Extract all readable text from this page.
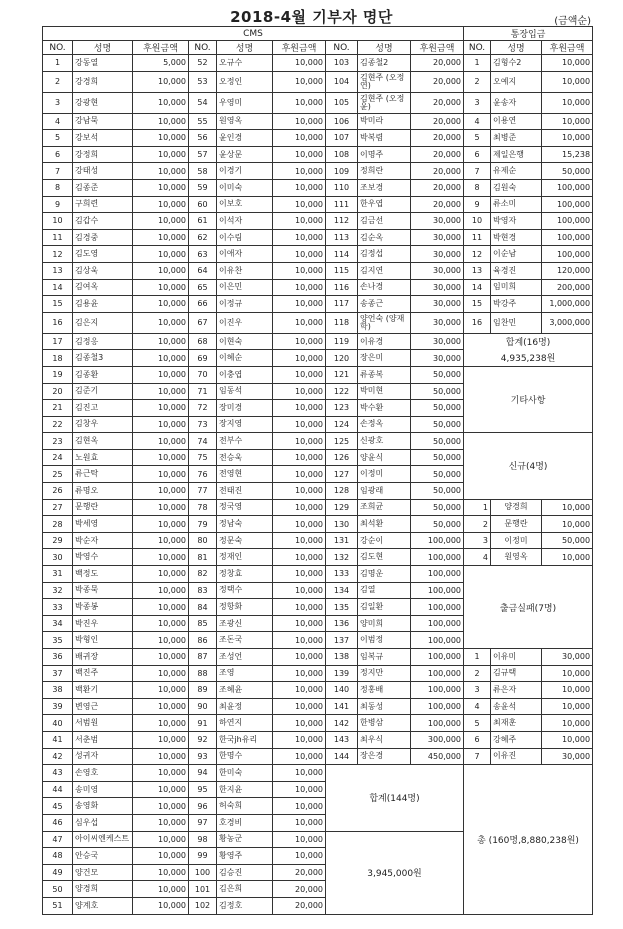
2018-4월 기부자 명단	(금액순)
CMS									통장입금		
NO.	성명	후원금액	NO.	성명	후원금액	NO.	성명	후원금액	NO.	성명	후원금액
1	강동열	5,000	52	오규수	10,000	103	김종철2	20,000	1	김형수2	10,000
2	강경희	10,000	53	오정인	10,000	104	김현주 (오정연)	20,000	2	오예지	10,000
3	강광현	10,000	54	우영미	10,000	105	김현주 (오정윤)	20,000	3	윤송자	10,000
4	강남묵	10,000	55	원영옥	10,000	106	박미라	20,000	4	이용연	10,000
5	강보석	10,000	56	윤인경	10,000	107	박복렴	20,000	5	최병준	10,000
6	강정희	10,000	57	윤상문	10,000	108	이명주	20,000	6	제일은행	15,238
7	강태성	10,000	58	이경기	10,000	109	정희란	20,000	7	유제순	50,000
8	김종준	10,000	59	이미숙	10,000	110	조보경	20,000	8	김원숙	100,000
9	구희련	10,000	60	이보호	10,000	111	한우엽	20,000	9	류소미	100,000
10	김갑수	10,000	61	이석자	10,000	112	김금선	30,000	10	박영자	100,000
11	김경중	10,000	62	이수림	10,000	113	김순옥	30,000	11	박현경	100,000
12	김도영	10,000	63	이애자	10,000	114	김정섭	30,000	12	이순남	100,000
13	김상욱	10,000	64	이유찬	10,000	115	김지연	30,000	13	육경진	120,000
14	김여옥	10,000	65	이은민	10,000	116	손나경	30,000	14	임미희	200,000
15	김용윤	10,000	66	이정규	10,000	117	송종근	30,000	15	박강주	1,000,000
16	김은지	10,000	67	이진우	10,000	118	양언숙 (양재학)	30,000	16	임찬민	3,000,000
17	김정응	10,000	68	이현숙	10,000	119	이유경	30,000	합계(16명)		
18	김종철3	10,000	69	이혜순	10,000	120	장은미	30,000	4,935,238원		
19	김종환	10,000	70	이충엽	10,000	121	류종복	50,000	기타사항		
20	김준기	10,000	71	임동석	10,000	122	박미현	50,000			
21	김진고	10,000	72	장미경	10,000	123	박수환	50,000			
22	김창우	10,000	73	장지영	10,000	124	손정옥	50,000			
23	김현옥	10,000	74	전부수	10,000	125	신광호	50,000	신규(4명)		
24	노원효	10,000	75	전승욱	10,000	126	양윤식	50,000			
25	류근탁	10,000	76	전영현	10,000	127	이정미	50,000			
26	류명오	10,000	77	전태진	10,000	128	임광래	50,000			
27	문행란	10,000	78	정국영	10,000	129	조희균	50,000	1	양경희	10,000
28	박세영	10,000	79	정남숙	10,000	130	최석환	50,000	2	문행란	10,000
29	박순자	10,000	80	정문숙	10,000	131	강순이	100,000	3	이정미	50,000
30	박영수	10,000	81	정재인	10,000	132	김도현	100,000	4	원영옥	10,000
31	백정도	10,000	82	정창효	10,000	133	김명운	100,000	출금실패(7명)		
32	박종묵	10,000	83	정택수	10,000	134	김열	100,000			
33	박종봉	10,000	84	정항화	10,000	135	김일환	100,000			
34	박진우	10,000	85	조광신	10,000	136	양미희	100,000			
35	박형인	10,000	86	조돈국	10,000	137	이범정	100,000			
36	배귀장	10,000	87	조성언	10,000	138	임복규	100,000	1	이유미	30,000
37	백진주	10,000	88	조영	10,000	139	정지만	100,000	2	김규택	10,000
38	백환기	10,000	89	조혜윤	10,000	140	정홍배	100,000	3	류은자	10,000
39	변영근	10,000	90	최윤정	10,000	141	최동성	100,000	4	송윤석	10,000
40	서범원	10,000	91	하연지	10,000	142	한병삼	100,000	5	최재훈	10,000
41	서춘범	10,000	92	한국jh유리	10,000	143	최우식	300,000	6	강혜주	10,000
42	성귀자	10,000	93	한명수	10,000	144	장은경	450,000	7	이유진	30,000
43	손영호	10,000	94	한미숙	10,000	합계(144명)			총 (160명,8,880,238원)		
44	송미영	10,000	95	한지윤	10,000						
45	송영화	10,000	96	허숙희	10,000						
46	심우섭	10,000	97	호경비	10,000						
47	아이씨엔케스트	10,000	98	황농군	10,000	3,945,000원					
48	안승국	10,000	99	황영주	10,000						
49	양건모	10,000	100	김승진	20,000						
50	양경희	10,000	101	김은희	20,000						
51	양계호	10,000	102	김정호	20,000						
